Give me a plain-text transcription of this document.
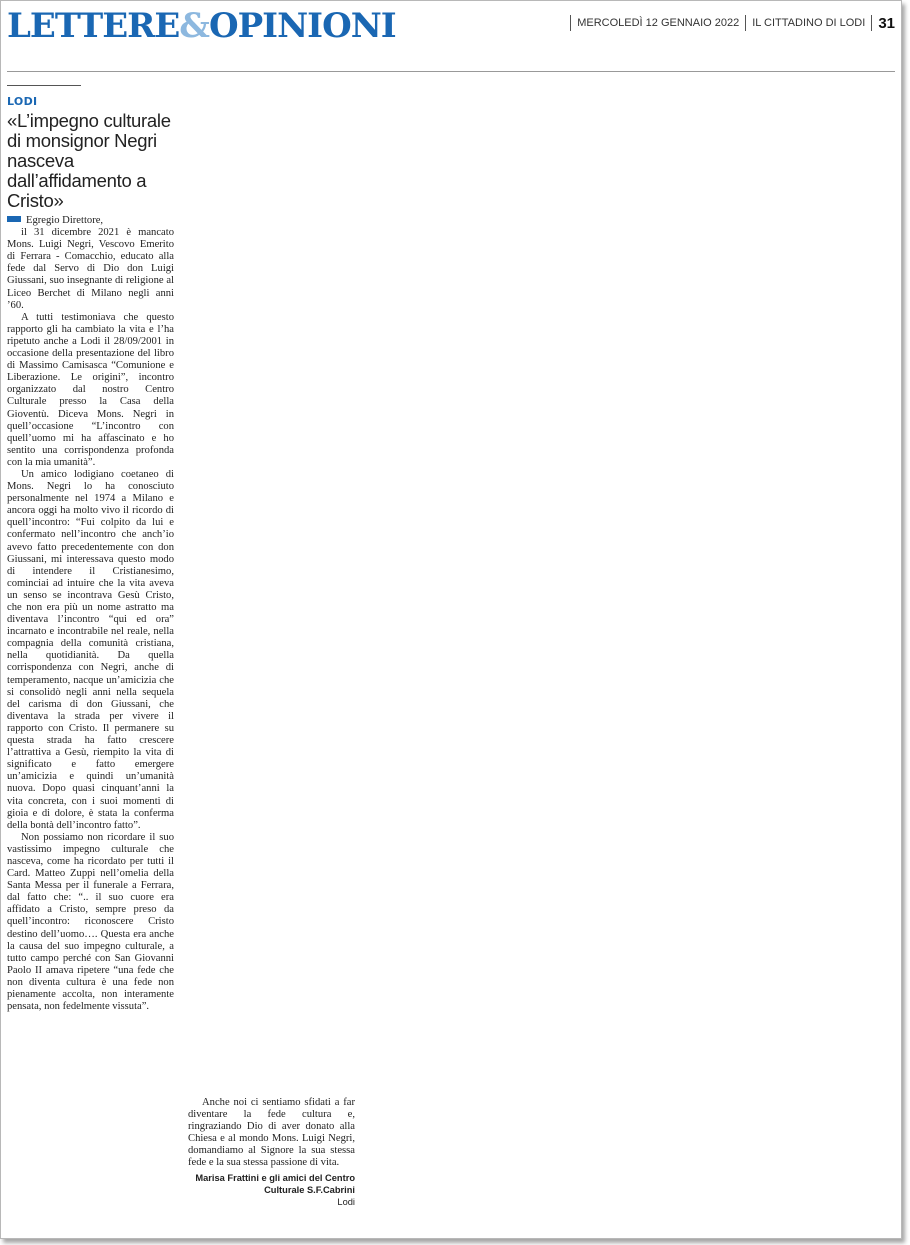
LETTERE&OPINIONI	MERCOLEDÌ 12 GENNAIO 2022 IL CITTADINO DI LODI 31
LODI
«L’impegno culturale di monsignor Negri nasceva dall’affidamento a Cristo»

Egregio Direttore,

il 31 dicembre 2021 è mancato Mons. Luigi Negri, Vescovo Emerito di Ferrara - Comacchio, educato alla fede dal Servo di Dio don Luigi Giussani, suo insegnante di religione al Liceo Berchet di Milano negli anni ’60.

A tutti testimoniava che questo rapporto gli ha cambiato la vita e l’ha ripetuto anche a Lodi il 28/09/2001 in occasione della presentazione del libro di Massimo Camisasca “Comunione e Liberazione. Le origini”, incontro organizzato dal nostro Centro Culturale presso la Casa della Gioventù. Diceva Mons. Negri in quell’occasione “L’incontro con quell’uomo mi ha affascinato e ho sentito una corrispondenza profonda con la mia umanità”.

Un amico lodigiano coetaneo di Mons. Negri lo ha conosciuto personalmente nel 1974 a Milano e ancora oggi ha molto vivo il ricordo di quell’incontro: “Fui colpito da lui e confermato nell’incontro che anch’io avevo fatto precedentemente con don Giussani, mi interessava questo modo di intendere il Cristianesimo, cominciai ad intuire che la vita aveva un senso se incontrava Gesù Cristo, che non era più un nome astratto ma diventava l’incontro “qui ed ora” incarnato e incontrabile nel reale, nella compagnia della comunità cristiana, nella quotidianità. Da quella corrispondenza con Negri, anche di temperamento, nacque un’amicizia che si consolidò negli anni nella sequela del carisma di don Giussani, che diventava la strada per vivere il rapporto con Cristo. Il permanere su questa strada ha fatto crescere l’attrattiva a Gesù, riempito la vita di significato e fatto emergere un’amicizia e quindi un’umanità nuova. Dopo quasi cinquant’anni la vita concreta, con i suoi momenti di gioia e di dolore, è stata la conferma della bontà dell’incontro fatto”.

Non possiamo non ricordare il suo vastissimo impegno culturale che nasceva, come ha ricordato per tutti il Card. Matteo Zuppi nell’omelia della Santa Messa per il funerale a Ferrara, dal fatto che: “.. il suo cuore era affidato a Cristo, sempre preso da quell’incontro: riconoscere Cristo destino dell’uomo…. Questa era anche la causa del suo impegno culturale, a tutto campo perché con San Giovanni Paolo II amava ripetere “una fede che non diventa cultura è una fede non pienamente accolta, non interamente pensata, non fedelmente vissuta”.

Anche noi ci sentiamo sfidati a far diventare la fede cultura e, ringraziando Dio di aver donato alla Chiesa e al mondo Mons. Luigi Negri, domandiamo al Signore la sua stessa fede e la sua stessa passione di vita.

Marisa Frattini e gli amici del Centro Culturale S.F.Cabrini
Lodi
